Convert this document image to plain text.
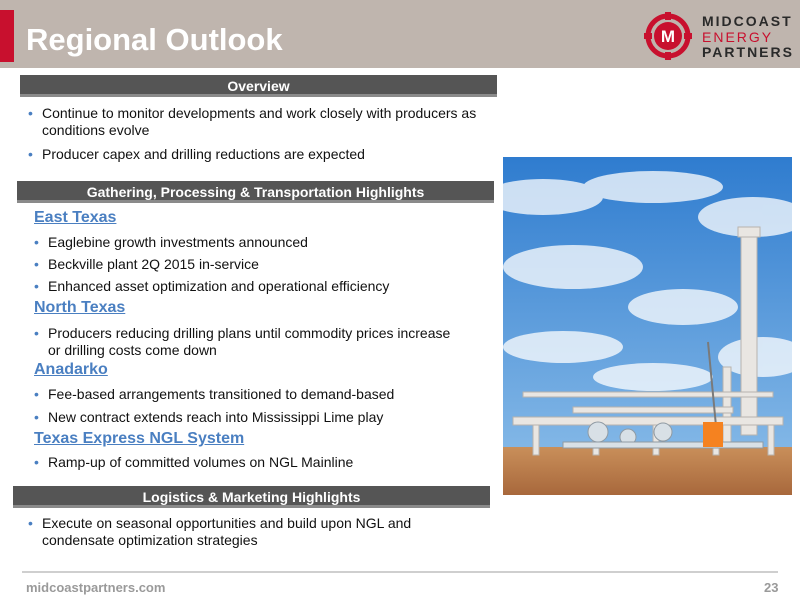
Regional Outlook	M
MIDCOAST
ENERGY
PARTNERS
Overview
• Continue to monitor developments and work closely with producers as conditions evolve
• Producer capex and drilling reductions are expected
Gathering, Processing & Transportation Highlights
East Texas
• Eaglebine growth investments announced
• Beckville plant 2Q 2015 in-service
• Enhanced asset optimization and operational efficiency
North Texas
• Producers reducing drilling plans until commodity prices increase or drilling costs come down
Anadarko
• Fee-based arrangements transitioned to demand-based
• New contract extends reach into Mississippi Lime play
Texas Express NGL System
• Ramp-up of committed volumes on NGL Mainline
Logistics & Marketing Highlights
• Execute on seasonal opportunities and build upon NGL and condensate optimization strategies
midcoastpartners.com	23
